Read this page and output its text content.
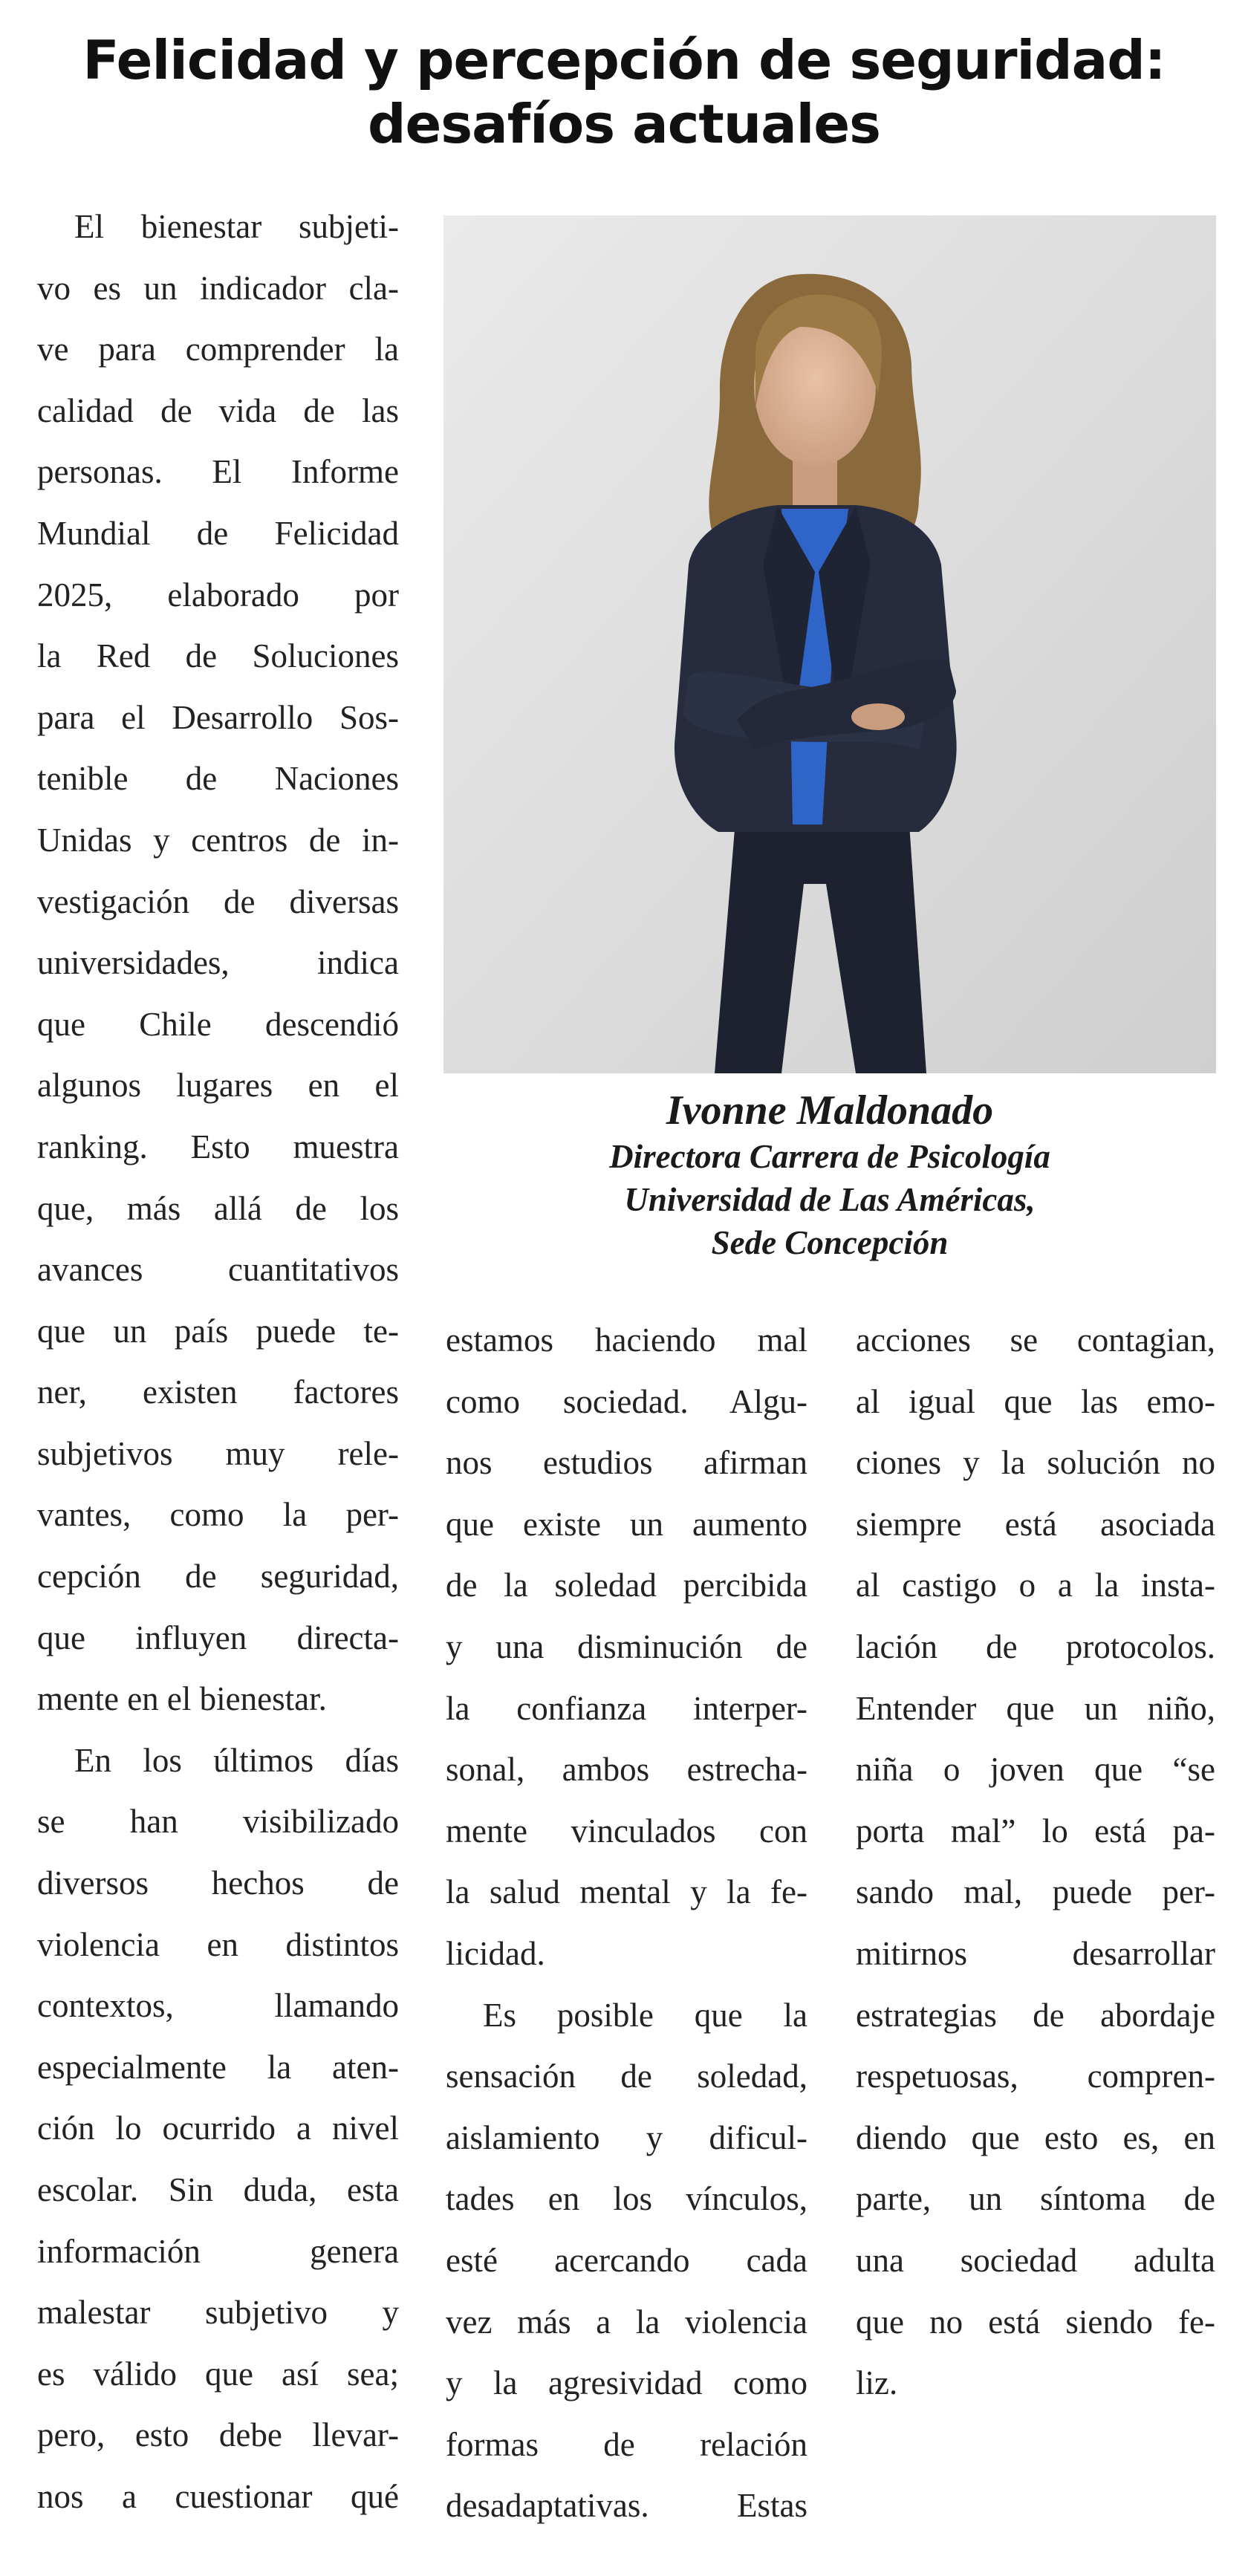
Felicidad y percepción de seguridad:
desafíos actuales
El bienestar subjeti-
vo es un indicador cla-
ve para comprender la
calidad de vida de las
personas. El Informe
Mundial de Felicidad
2025, elaborado por
la Red de Soluciones
para el Desarrollo Sos-
tenible de Naciones
Unidas y centros de in-
vestigación de diversas
universidades, indica
que Chile descendió
algunos lugares en el
ranking. Esto muestra
que, más allá de los
avances cuantitativos
que un país puede te-
ner, existen factores
subjetivos muy rele-
vantes, como la per-
cepción de seguridad,
que influyen directa-
mente en el bienestar.
En los últimos días
se han visibilizado
diversos hechos de
violencia en distintos
contextos, llamando
especialmente la aten-
ción lo ocurrido a nivel
escolar. Sin duda, esta
información genera
malestar subjetivo y
es válido que así sea;
pero, esto debe llevar-
nos a cuestionar qué
Ivonne Maldonado
Directora Carrera de Psicología
Universidad de Las Américas,
Sede Concepción
estamos haciendo mal
como sociedad. Algu-
nos estudios afirman
que existe un aumento
de la soledad percibida
y una disminución de
la confianza interper-
sonal, ambos estrecha-
mente vinculados con
la salud mental y la fe-
licidad.
Es posible que la
sensación de soledad,
aislamiento y dificul-
tades en los vínculos,
esté acercando cada
vez más a la violencia
y la agresividad como
formas de relación
desadaptativas. Estas
acciones se contagian,
al igual que las emo-
ciones y la solución no
siempre está asociada
al castigo o a la insta-
lación de protocolos.
Entender que un niño,
niña o joven que “se
porta mal” lo está pa-
sando mal, puede per-
mitirnos desarrollar
estrategias de abordaje
respetuosas, compren-
diendo que esto es, en
parte, un síntoma de
una sociedad adulta
que no está siendo fe-
liz.
